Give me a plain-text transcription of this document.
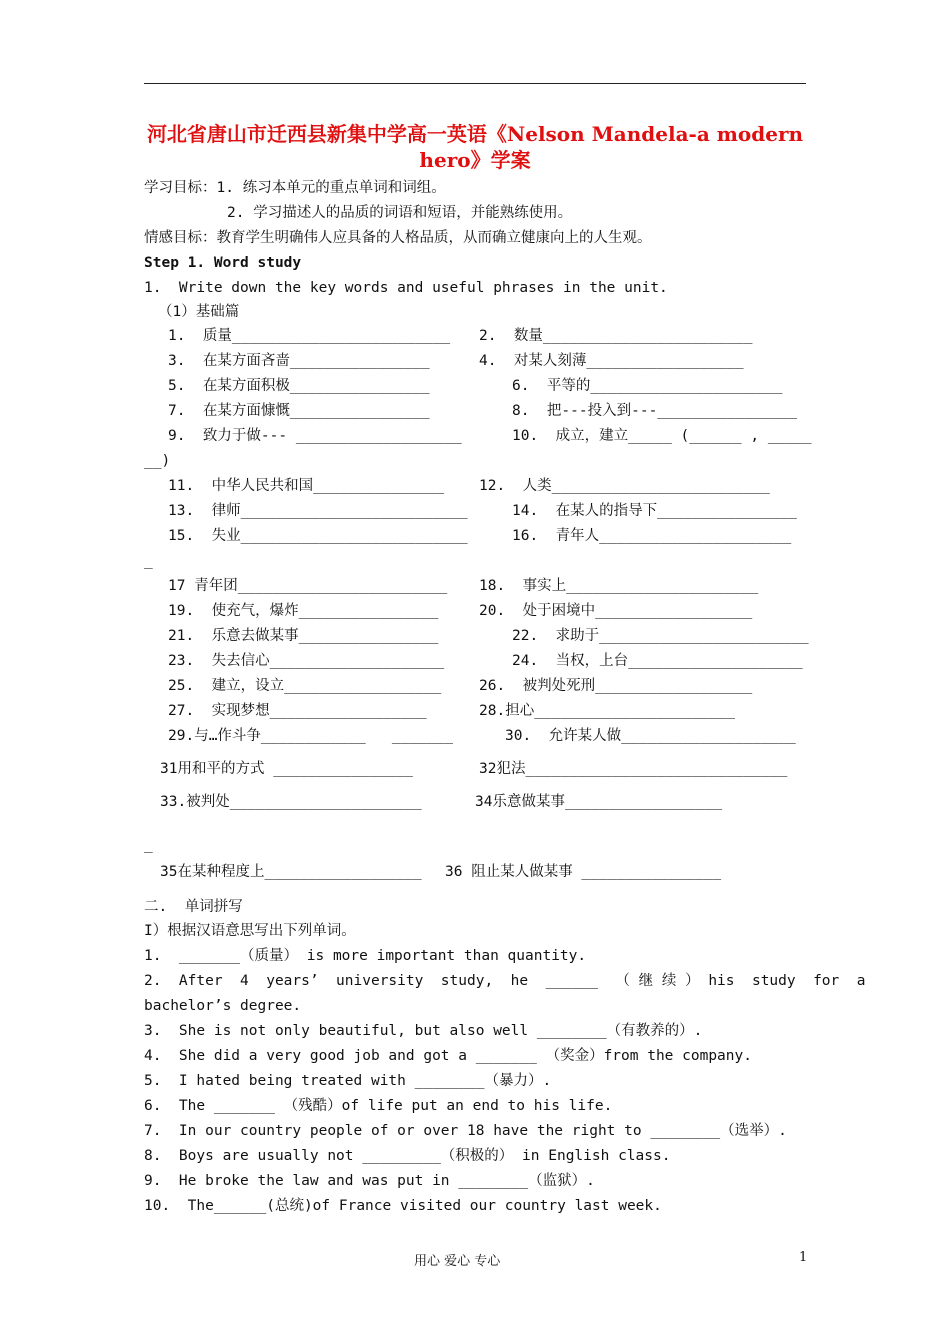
河北省唐山市迁西县新集中学高一英语《Nelson Mandela-a modern hero》学案
学习目标：1. 练习本单元的重点单词和词组。
2. 学习描述人的品质的词语和短语，并能熟练使用。
情感目标：教育学生明确伟人应具备的人格品质，从而确立健康向上的人生观。
Step 1. Word study
1.  Write down the key words and useful phrases in the unit.
（1）基础篇
1.  质量_________________________ 2.  数量________________________
3.  在某方面吝啬________________	4.  对某人刻薄__________________
5.  在某方面积极________________	6.  平等的______________________
7.  在某方面慷慨________________	8.  把---投入到---________________
9.  致力于做--- ___________________	10.  成立，建立_____ (______ , _____
__)
11.  中华人民共和国_______________ 12.  人类_________________________
13.  律师__________________________	14.  在某人的指导下________________
15.  失业__________________________	16.  青年人______________________
_
17 青年团________________________ 18.  事实上______________________
19.  使充气，爆炸________________	20.  处于困境中__________________
21.  乐意去做某事________________	22.  求助于________________________
23.  失去信心____________________	24.  当权，上台____________________
25.  建立，设立__________________	26.  被判处死刑__________________
27.  实现梦想__________________	28.担心_______________________
29.与…作斗争____________   _______	30.  允许某人做____________________
31用和平的方式 ________________	32犯法______________________________
33.被判处______________________	34乐意做某事__________________
_
35在某种程度上__________________ 36 阻止某人做某事 ________________
二.  单词拼写
I）根据汉语意思写出下列单词。
1.  _______（质量） is more important than quantity.
2.  After  4  years’  university  study,  he  ______  （ 继 续 ） his  study  for  a
bachelor’s degree.
3.  She is not only beautiful, but also well ________（有教养的）.
4.  She did a very good job and got a _______ （奖金）from the company.
5.  I hated being treated with ________（暴力）.
6.  The _______ （残酷）of life put an end to his life.
7.  In our country people of or over 18 have the right to ________（选举）.
8.  Boys are usually not _________（积极的） in English class.
9.  He broke the law and was put in ________（监狱）.
10.  The______(总统)of France visited our country last week.
用心 爱心 专心	1
